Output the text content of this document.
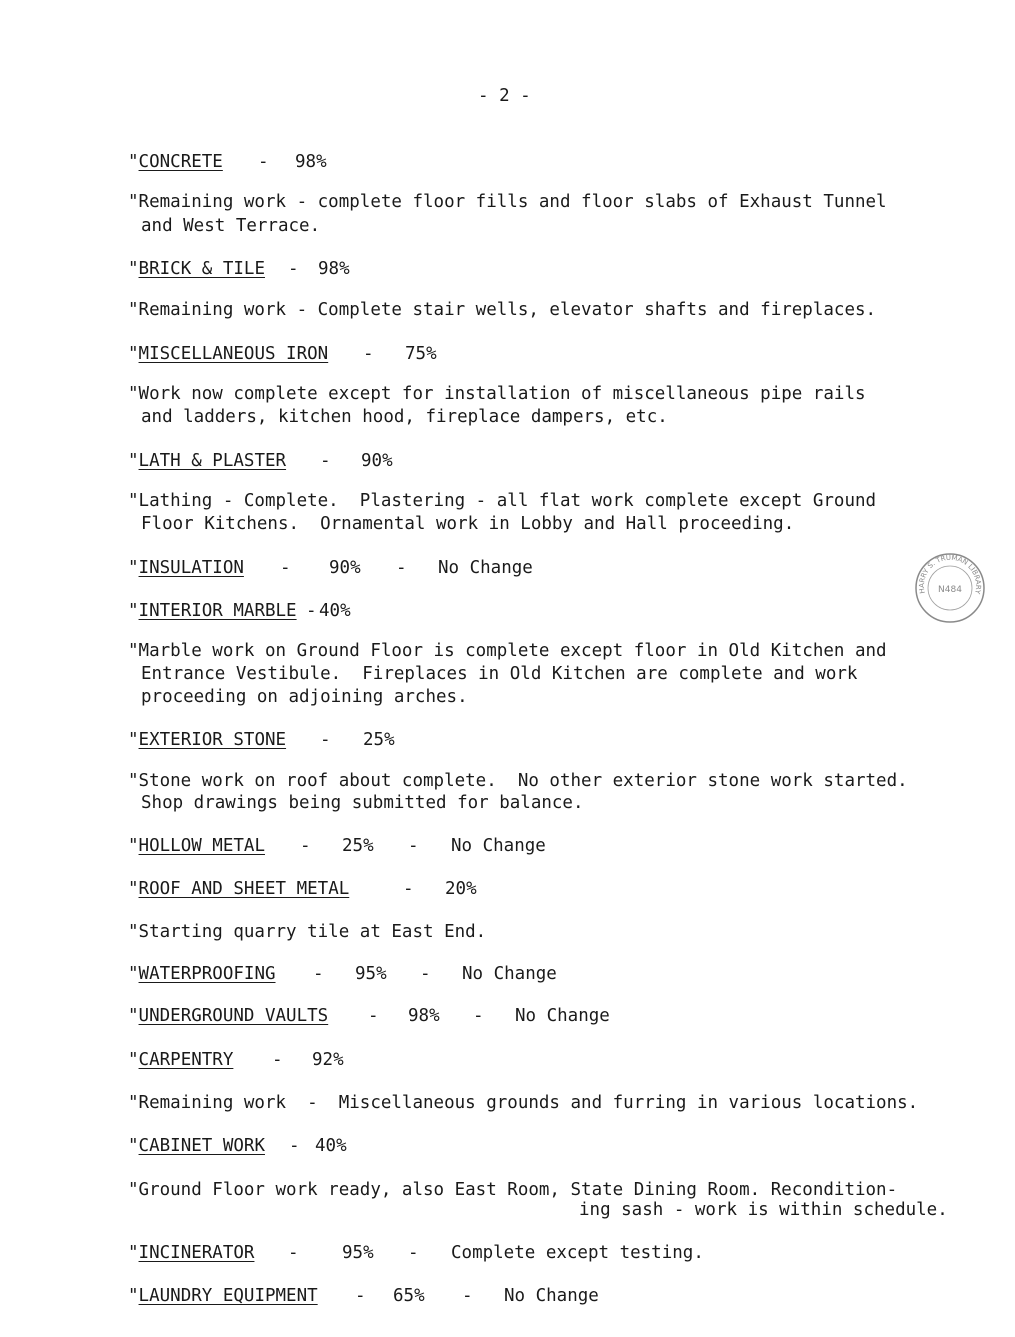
- 2 -
"CONCRETE - 98%
"Remaining work - complete floor fills and floor slabs of Exhaust Tunnel
and West Terrace.
"BRICK & TILE - 98%
"Remaining work - Complete stair wells, elevator shafts and fireplaces.
"MISCELLANEOUS IRON - 75%
"Work now complete except for installation of miscellaneous pipe rails
and ladders, kitchen hood, fireplace dampers, etc.
"LATH & PLASTER - 90%
"Lathing - Complete.  Plastering - all flat work complete except Ground
Floor Kitchens.  Ornamental work in Lobby and Hall proceeding.
"INSULATION - 90% - No Change
"INTERIOR MARBLE - 40%
"Marble work on Ground Floor is complete except floor in Old Kitchen and
Entrance Vestibule.  Fireplaces in Old Kitchen are complete and work
proceeding on adjoining arches.
"EXTERIOR STONE - 25%
"Stone work on roof about complete.  No other exterior stone work started.
Shop drawings being submitted for balance.
"HOLLOW METAL - 25% - No Change
"ROOF AND SHEET METAL	- 20%
"Starting quarry tile at East End.
"WATERPROOFING - 95% - No Change
"UNDERGROUND VAULTS - 98% - No Change
"CARPENTRY - 92%
"Remaining work  -  Miscellaneous grounds and furring in various locations.
"CABINET WORK - 40%
"Ground Floor work ready, also East Room, State Dining Room. Recondition-
ing sash - work is within schedule.
"INCINERATOR - 95% - Complete except testing.
"LAUNDRY EQUIPMENT - 65% - No Change
HARRY S. TRUMAN LIBRARY
N484
